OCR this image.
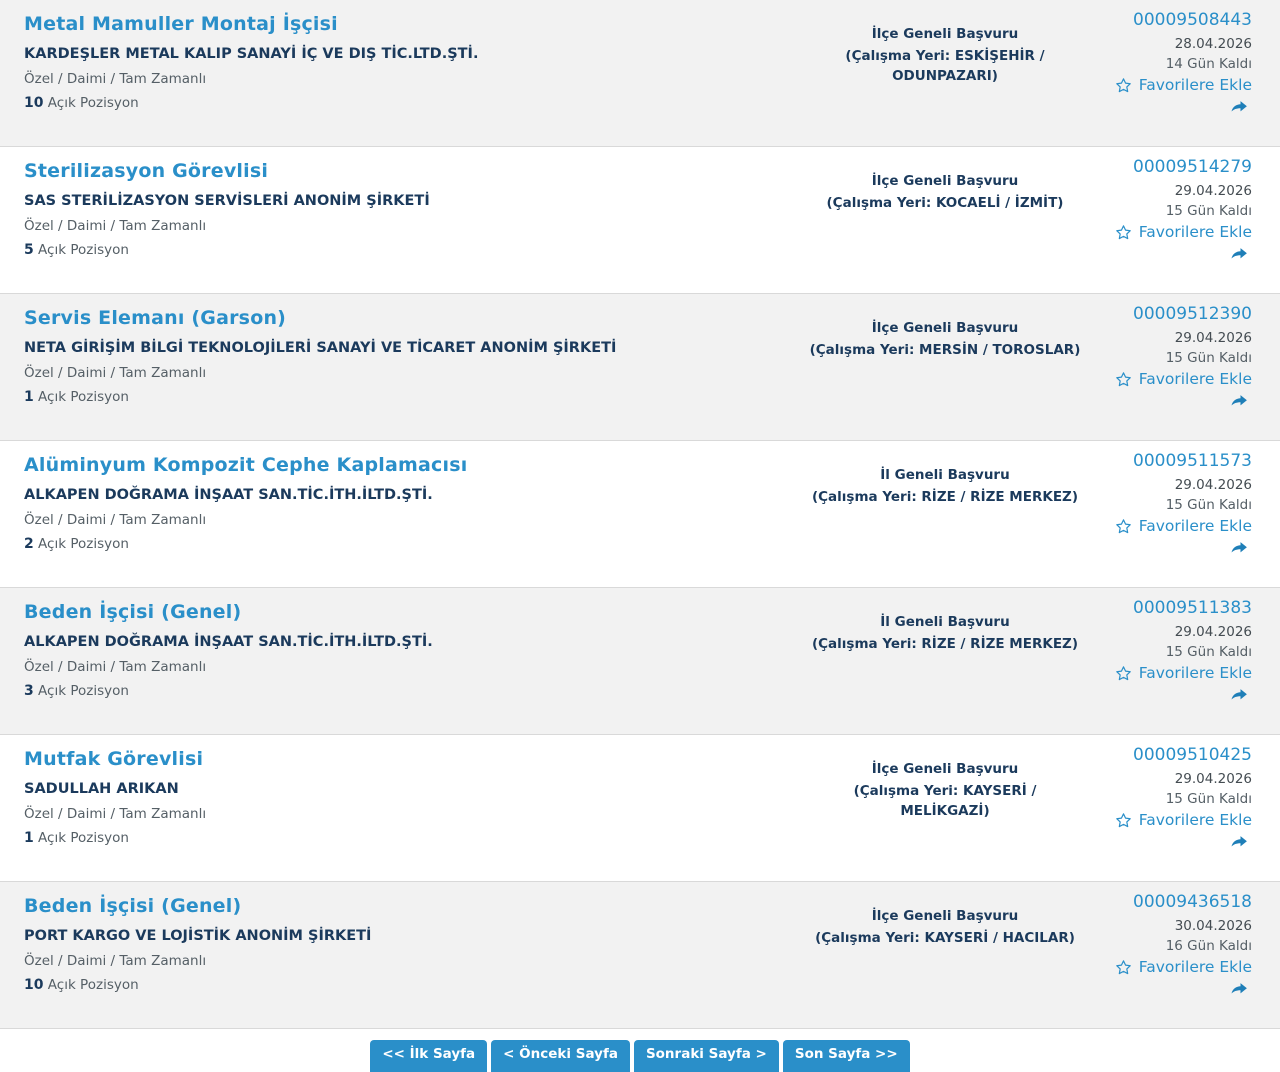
Metal Mamuller Montaj İşçisi
KARDEŞLER METAL KALIP SANAYİ İÇ VE DIŞ TİC.LTD.ŞTİ.
Özel / Daimi / Tam Zamanlı
10 Açık Pozisyon
İlçe Geneli Başvuru
(Çalışma Yeri: ESKİŞEHİR / ODUNPAZARI)
00009508443
28.04.2026
14 Gün Kaldı
Favorilere Ekle
Sterilizasyon Görevlisi
SAS STERİLİZASYON SERVİSLERİ ANONİM ŞİRKETİ
Özel / Daimi / Tam Zamanlı
5 Açık Pozisyon
İlçe Geneli Başvuru
(Çalışma Yeri: KOCAELİ / İZMİT)
00009514279
29.04.2026
15 Gün Kaldı
Favorilere Ekle
Servis Elemanı (Garson)
NETA GİRİŞİM BİLGİ TEKNOLOJİLERİ SANAYİ VE TİCARET ANONİM ŞİRKETİ
Özel / Daimi / Tam Zamanlı
1 Açık Pozisyon
İlçe Geneli Başvuru
(Çalışma Yeri: MERSİN / TOROSLAR)
00009512390
29.04.2026
15 Gün Kaldı
Favorilere Ekle
Alüminyum Kompozit Cephe Kaplamacısı
ALKAPEN DOĞRAMA İNŞAAT SAN.TİC.İTH.İLTD.ŞTİ.
Özel / Daimi / Tam Zamanlı
2 Açık Pozisyon
İl Geneli Başvuru
(Çalışma Yeri: RİZE / RİZE MERKEZ)
00009511573
29.04.2026
15 Gün Kaldı
Favorilere Ekle
Beden İşçisi (Genel)
ALKAPEN DOĞRAMA İNŞAAT SAN.TİC.İTH.İLTD.ŞTİ.
Özel / Daimi / Tam Zamanlı
3 Açık Pozisyon
İl Geneli Başvuru
(Çalışma Yeri: RİZE / RİZE MERKEZ)
00009511383
29.04.2026
15 Gün Kaldı
Favorilere Ekle
Mutfak Görevlisi
SADULLAH ARIKAN
Özel / Daimi / Tam Zamanlı
1 Açık Pozisyon
İlçe Geneli Başvuru
(Çalışma Yeri: KAYSERİ / MELİKGAZİ)
00009510425
29.04.2026
15 Gün Kaldı
Favorilere Ekle
Beden İşçisi (Genel)
PORT KARGO VE LOJİSTİK ANONİM ŞİRKETİ
Özel / Daimi / Tam Zamanlı
10 Açık Pozisyon
İlçe Geneli Başvuru
(Çalışma Yeri: KAYSERİ / HACILAR)
00009436518
30.04.2026
16 Gün Kaldı
Favorilere Ekle
<< İlk Sayfa	< Önceki Sayfa	Sonraki Sayfa >	Son Sayfa >>
